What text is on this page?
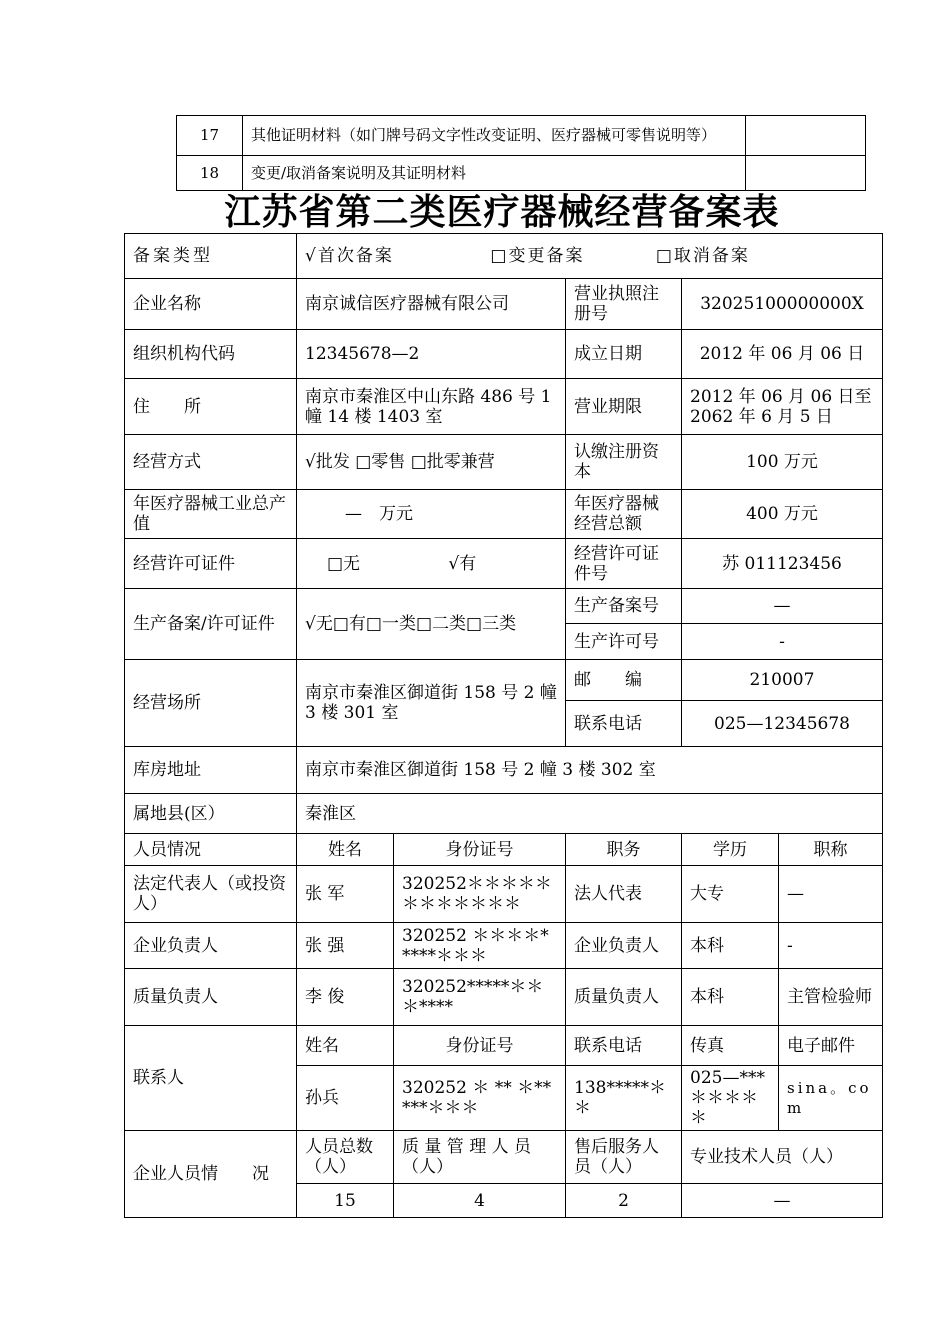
17	其他证明材料（如门牌号码文字性改变证明、医疗器械可零售说明等）	
18	变更/取消备案说明及其证明材料	
江苏省第二类医疗器械经营备案表
备案类型	√首次备案 □变更备案 □取消备案				
企业名称	南京诚信医疗器械有限公司		营业执照注册号	32025100000000X	
组织机构代码	12345678—2		成立日期	2012 年 06 月 06 日	
住　　所	南京市秦淮区中山东路 486 号 1 幢 14 楼 1403 室		营业期限	2012 年 06 月 06 日至 2062 年 6 月 5 日	
经营方式	√批发 □零售 □批零兼营		认缴注册资本	100 万元	
年医疗器械工业总产值	—　万元		年医疗器械经营总额	400 万元	
经营许可证件	□无 √有		经营许可证件号	苏 011123456	
生产备案/许可证件	√无□有□一类□二类□三类		生产备案号	—	
			生产许可号	-	
经营场所	南京市秦淮区御道街 158 号 2 幢 3 楼 301 室		邮　　编	210007	
			联系电话	025—12345678	
库房地址	南京市秦淮区御道街 158 号 2 幢 3 楼 302 室				
属地县(区）	秦淮区				
人员情况	姓名	身份证号	职务	学历	职称
法定代表人（或投资人）	张 军	320252＊＊＊＊＊＊＊＊＊＊＊＊	法人代表	大专	—
企业负责人	张 强	320252 ＊＊＊＊*****＊＊＊	企业负责人	本科	-
质量负责人	李 俊	320252*****＊＊＊****	质量负责人	本科	主管检验师
联系人	姓名	身份证号	联系电话	传真	电子邮件
	孙兵	320252 ＊ ** ＊*****＊＊＊	138*****＊＊	025—***＊＊＊＊＊	sina。com
企业人员情　　况	人员总数（人）	质 量 管 理 人 员（人）	售后服务人员（人）	专业技术人员（人）	
	15	4	2	—	
